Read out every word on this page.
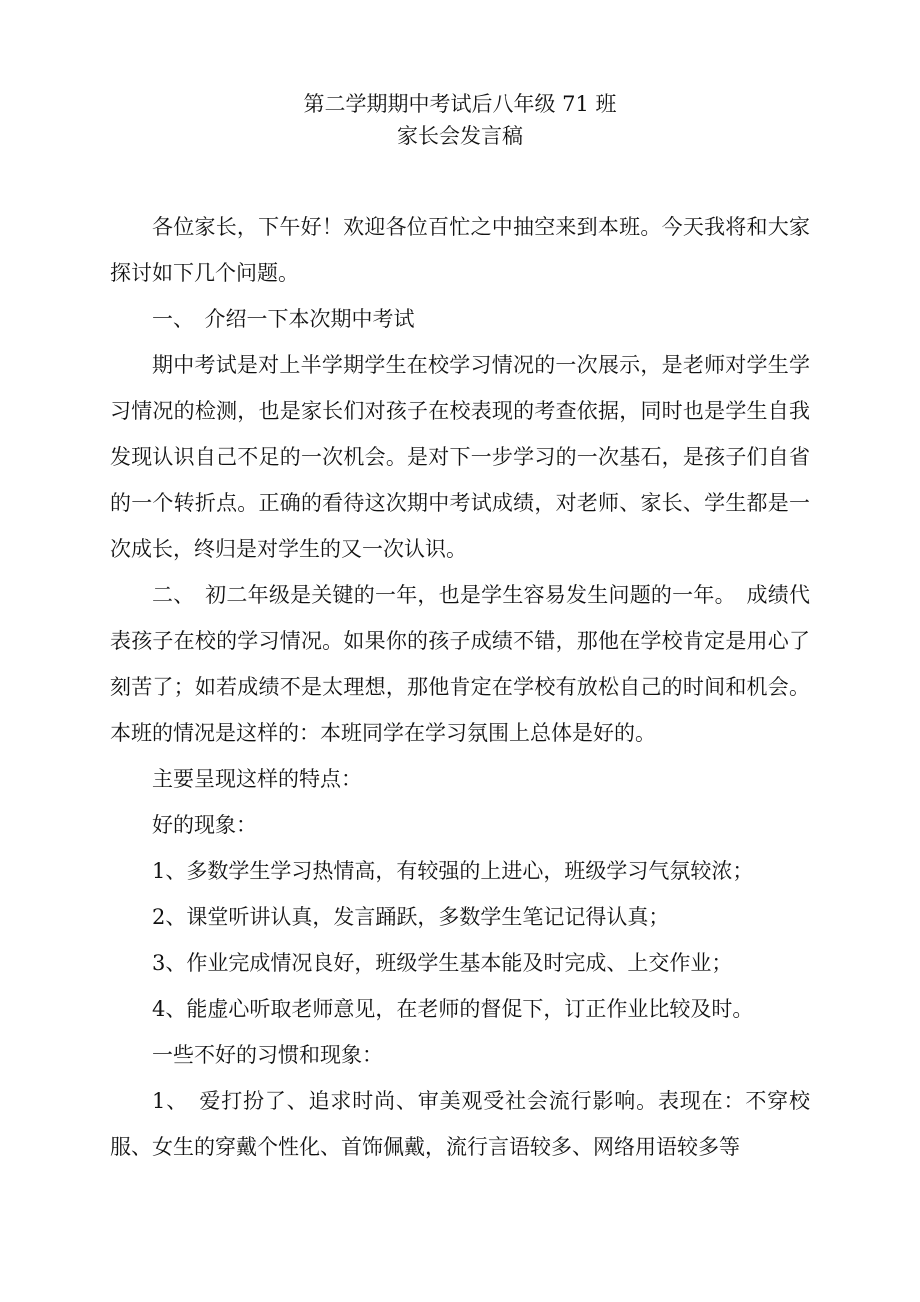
第二学期期中考试后八年级 71 班
家长会发言稿

各位家长，下午好！欢迎各位百忙之中抽空来到本班。今天我将和大家探讨如下几个问题。

一、　介绍一下本次期中考试

期中考试是对上半学期学生在校学习情况的一次展示，是老师对学生学习情况的检测，也是家长们对孩子在校表现的考查依据，同时也是学生自我发现认识自己不足的一次机会。是对下一步学习的一次基石，是孩子们自省的一个转折点。正确的看待这次期中考试成绩，对老师、家长、学生都是一次成长，终归是对学生的又一次认识。

二、　初二年级是关键的一年，也是学生容易发生问题的一年。　成绩代表孩子在校的学习情况。如果你的孩子成绩不错，那他在学校肯定是用心了刻苦了；如若成绩不是太理想，那他肯定在学校有放松自己的时间和机会。本班的情况是这样的：本班同学在学习氛围上总体是好的。

主要呈现这样的特点：

好的现象：

1、多数学生学习热情高，有较强的上进心，班级学习气氛较浓；

2、课堂听讲认真，发言踊跃，多数学生笔记记得认真；

3、作业完成情况良好，班级学生基本能及时完成、上交作业；

4、能虚心听取老师意见，在老师的督促下，订正作业比较及时。

一些不好的习惯和现象：

1、　爱打扮了、追求时尚、审美观受社会流行影响。表现在：不穿校服、女生的穿戴个性化、首饰佩戴，流行言语较多、网络用语较多等
